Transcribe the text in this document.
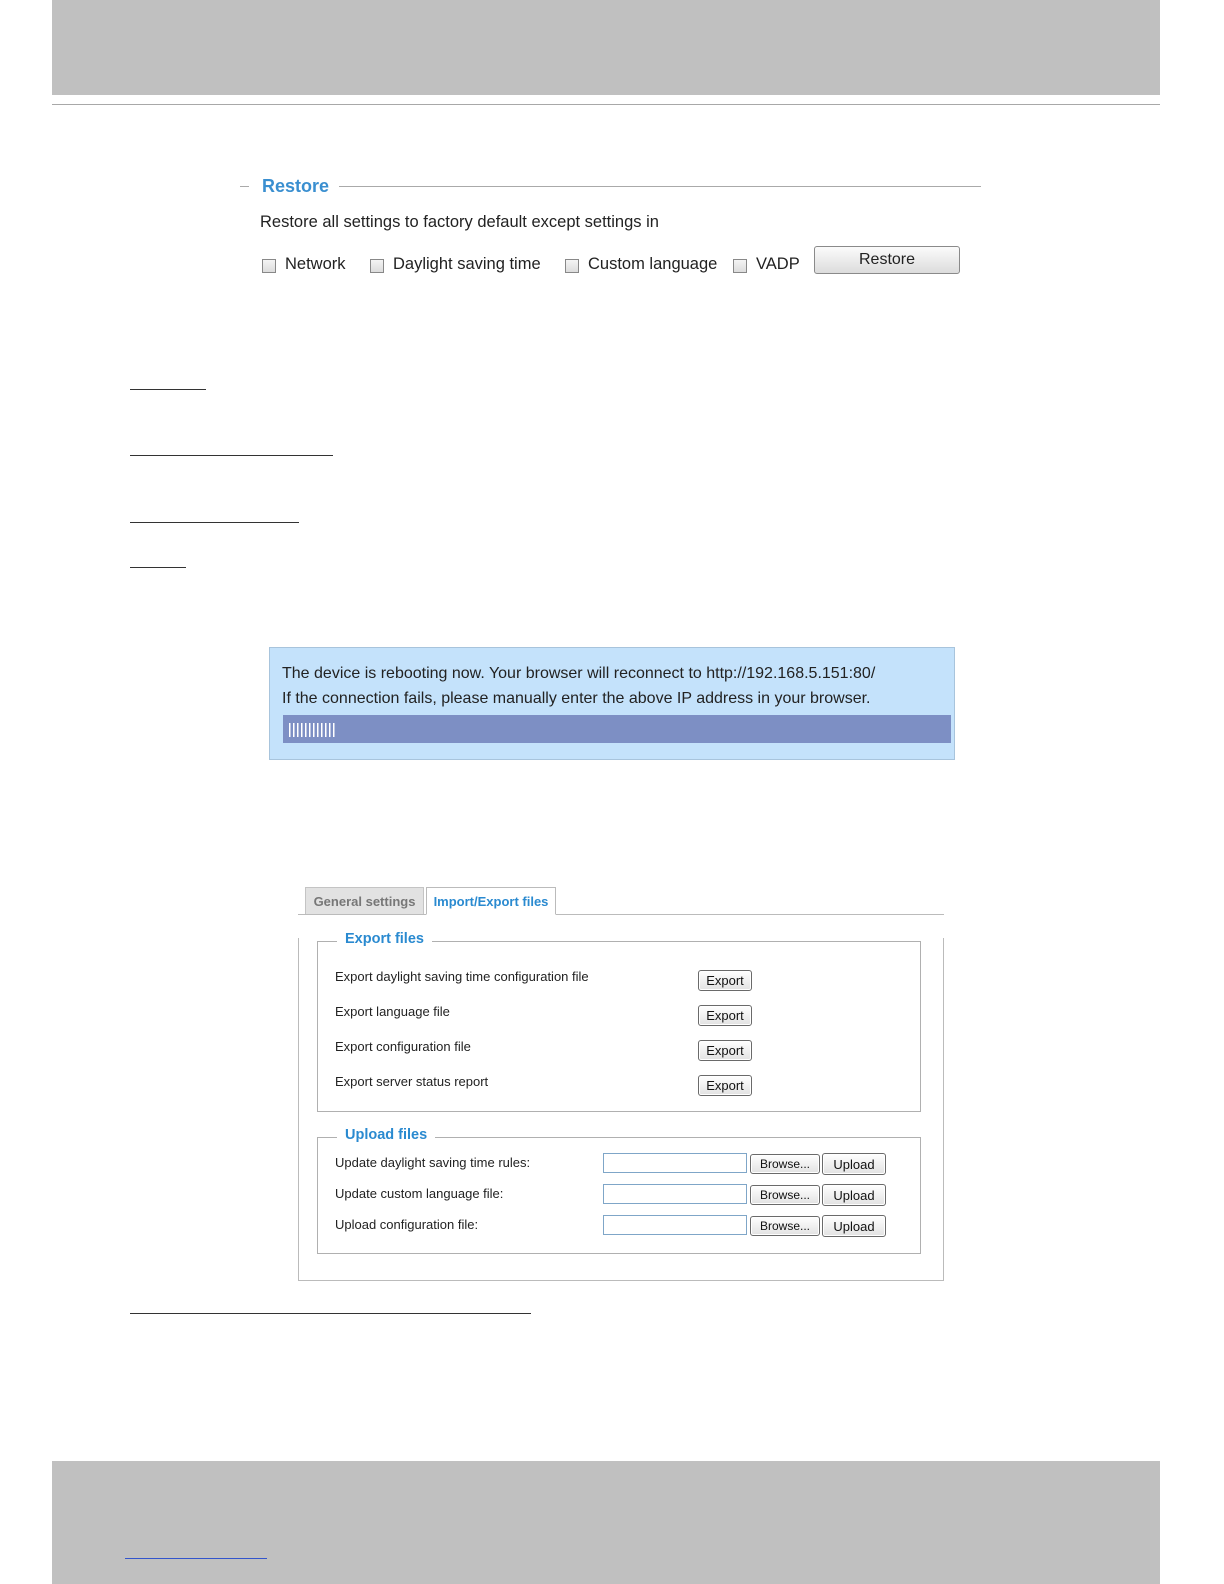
Restore
Restore all settings to factory default except settings in
Network	Daylight saving time	Custom language VADP	Restore
The device is rebooting now. Your browser will reconnect to http://192.168.5.151:80/
If the connection fails, please manually enter the above IP address in your browser.
General settings	Import/Export files
Export files
Export daylight saving time configuration file	Export
Export language file	Export
Export configuration file	Export
Export server status report	Export
Upload files
Update daylight saving time rules:	Browse...	Upload
Update custom language file:	Browse...	Upload
Upload configuration file:	Browse...	Upload
